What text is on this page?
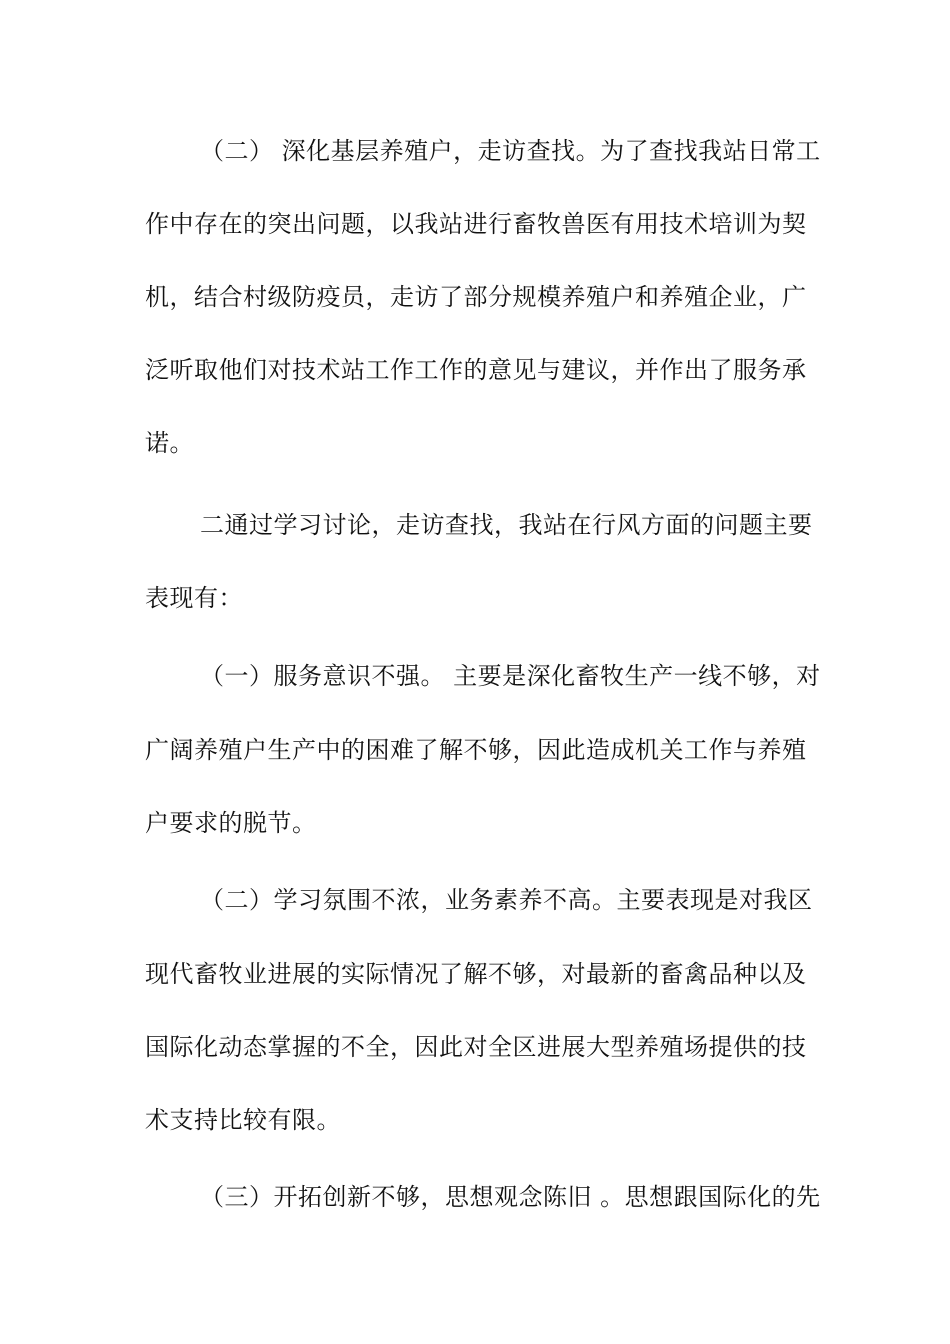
（二） 深化基层养殖户，走访查找。为了查找我站日常工
作中存在的突出问题，以我站进行畜牧兽医有用技术培训为契
机，结合村级防疫员，走访了部分规模养殖户和养殖企业，广
泛听取他们对技术站工作工作的意见与建议，并作出了服务承
诺。
二通过学习讨论，走访查找，我站在行风方面的问题主要
表现有：
（一）服务意识不强。 主要是深化畜牧生产一线不够，对
广阔养殖户生产中的困难了解不够，因此造成机关工作与养殖
户要求的脱节。
（二）学习氛围不浓，业务素养不高。主要表现是对我区
现代畜牧业进展的实际情况了解不够，对最新的畜禽品种以及
国际化动态掌握的不全，因此对全区进展大型养殖场提供的技
术支持比较有限。
（三）开拓创新不够，思想观念陈旧 。思想跟国际化的先
